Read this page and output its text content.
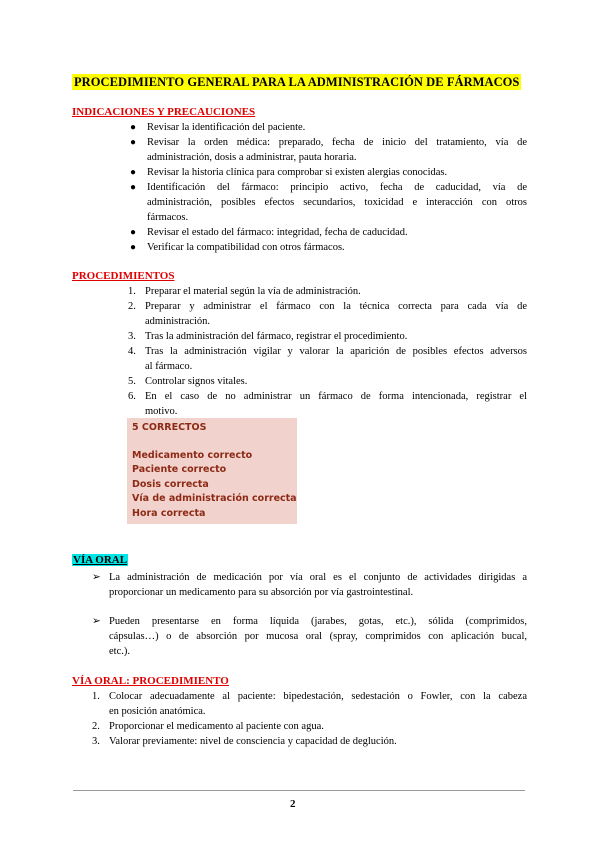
PROCEDIMIENTO GENERAL PARA LA ADMINISTRACIÓN DE FÁRMACOS
INDICACIONES Y PRECAUCIONES
● Revisar la identificación del paciente.
● Revisar la orden médica: preparado, fecha de inicio del tratamiento, vía de
administración, dosis a administrar, pauta horaria.
● Revisar la historia clínica para comprobar si existen alergias conocidas.
● Identificación del fármaco: principio activo, fecha de caducidad, vía de
administración, posibles efectos secundarios, toxicidad e interacción con otros
fármacos.
● Revisar el estado del fármaco: integridad, fecha de caducidad.
● Verificar la compatibilidad con otros fármacos.
PROCEDIMIENTOS
1. Preparar el material según la vía de administración.
2. Preparar y administrar el fármaco con la técnica correcta para cada vía de
administración.
3. Tras la administración del fármaco, registrar el procedimiento.
4. Tras la administración vigilar y valorar la aparición de posibles efectos adversos
al fármaco.
5. Controlar signos vitales.
6. En el caso de no administrar un fármaco de forma intencionada, registrar el
motivo.
5 CORRECTOS
Medicamento correcto
Paciente correcto
Dosis correcta
Vía de administración correcta
Hora correcta
VÍA ORAL
➢ La administración de medicación por vía oral es el conjunto de actividades dirigidas a
proporcionar un medicamento para su absorción por vía gastrointestinal.
➢ Pueden presentarse en forma líquida (jarabes, gotas, etc.), sólida (comprimidos,
cápsulas…) o de absorción por mucosa oral (spray, comprimidos con aplicación bucal,
etc.).
VÍA ORAL: PROCEDIMIENTO
1. Colocar adecuadamente al paciente: bipedestación, sedestación o Fowler, con la cabeza
en posición anatómica.
2. Proporcionar el medicamento al paciente con agua.
3. Valorar previamente: nivel de consciencia y capacidad de deglución.
2
